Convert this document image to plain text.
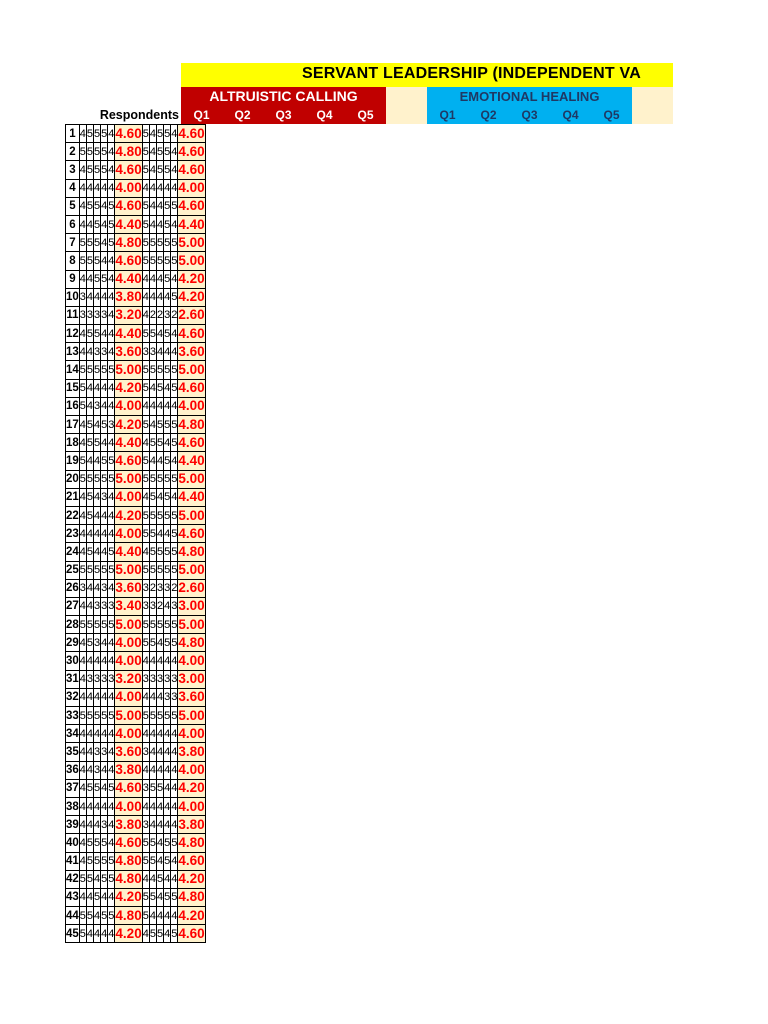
SERVANT LEADERSHIP (INDEPENDENT VA
ALTRUISTIC CALLING	EMOTIONAL HEALING
Respondents	Q1	Q2	Q3	Q4	Q5	Q1	Q2	Q3	Q4	Q5
1	4	5	5	5	4	4.60	5	4	5	5	4	4.60
2	5	5	5	5	4	4.80	5	4	5	5	4	4.60
3	4	5	5	5	4	4.60	5	4	5	5	4	4.60
4	4	4	4	4	4	4.00	4	4	4	4	4	4.00
5	4	5	5	4	5	4.60	5	4	4	5	5	4.60
6	4	4	5	4	5	4.40	5	4	4	5	4	4.40
7	5	5	5	4	5	4.80	5	5	5	5	5	5.00
8	5	5	5	4	4	4.60	5	5	5	5	5	5.00
9	4	4	5	5	4	4.40	4	4	4	5	4	4.20
10	3	4	4	4	4	3.80	4	4	4	4	5	4.20
11	3	3	3	3	4	3.20	4	2	2	3	2	2.60
12	4	5	5	4	4	4.40	5	5	4	5	4	4.60
13	4	4	3	3	4	3.60	3	3	4	4	4	3.60
14	5	5	5	5	5	5.00	5	5	5	5	5	5.00
15	5	4	4	4	4	4.20	5	4	5	4	5	4.60
16	5	4	3	4	4	4.00	4	4	4	4	4	4.00
17	4	5	4	5	3	4.20	5	4	5	5	5	4.80
18	4	5	5	4	4	4.40	4	5	5	4	5	4.60
19	5	4	4	5	5	4.60	5	4	4	5	4	4.40
20	5	5	5	5	5	5.00	5	5	5	5	5	5.00
21	4	5	4	3	4	4.00	4	5	4	5	4	4.40
22	4	5	4	4	4	4.20	5	5	5	5	5	5.00
23	4	4	4	4	4	4.00	5	5	4	4	5	4.60
24	4	5	4	4	5	4.40	4	5	5	5	5	4.80
25	5	5	5	5	5	5.00	5	5	5	5	5	5.00
26	3	4	4	3	4	3.60	3	2	3	3	2	2.60
27	4	4	3	3	3	3.40	3	3	2	4	3	3.00
28	5	5	5	5	5	5.00	5	5	5	5	5	5.00
29	4	5	3	4	4	4.00	5	5	4	5	5	4.80
30	4	4	4	4	4	4.00	4	4	4	4	4	4.00
31	4	3	3	3	3	3.20	3	3	3	3	3	3.00
32	4	4	4	4	4	4.00	4	4	4	3	3	3.60
33	5	5	5	5	5	5.00	5	5	5	5	5	5.00
34	4	4	4	4	4	4.00	4	4	4	4	4	4.00
35	4	4	3	3	4	3.60	3	4	4	4	4	3.80
36	4	4	3	4	4	3.80	4	4	4	4	4	4.00
37	4	5	5	4	5	4.60	3	5	5	4	4	4.20
38	4	4	4	4	4	4.00	4	4	4	4	4	4.00
39	4	4	4	3	4	3.80	3	4	4	4	4	3.80
40	4	5	5	5	4	4.60	5	5	4	5	5	4.80
41	4	5	5	5	5	4.80	5	5	4	5	4	4.60
42	5	5	4	5	5	4.80	4	4	5	4	4	4.20
43	4	4	5	4	4	4.20	5	5	4	5	5	4.80
44	5	5	4	5	5	4.80	5	4	4	4	4	4.20
45	5	4	4	4	4	4.20	4	5	5	4	5	4.60
